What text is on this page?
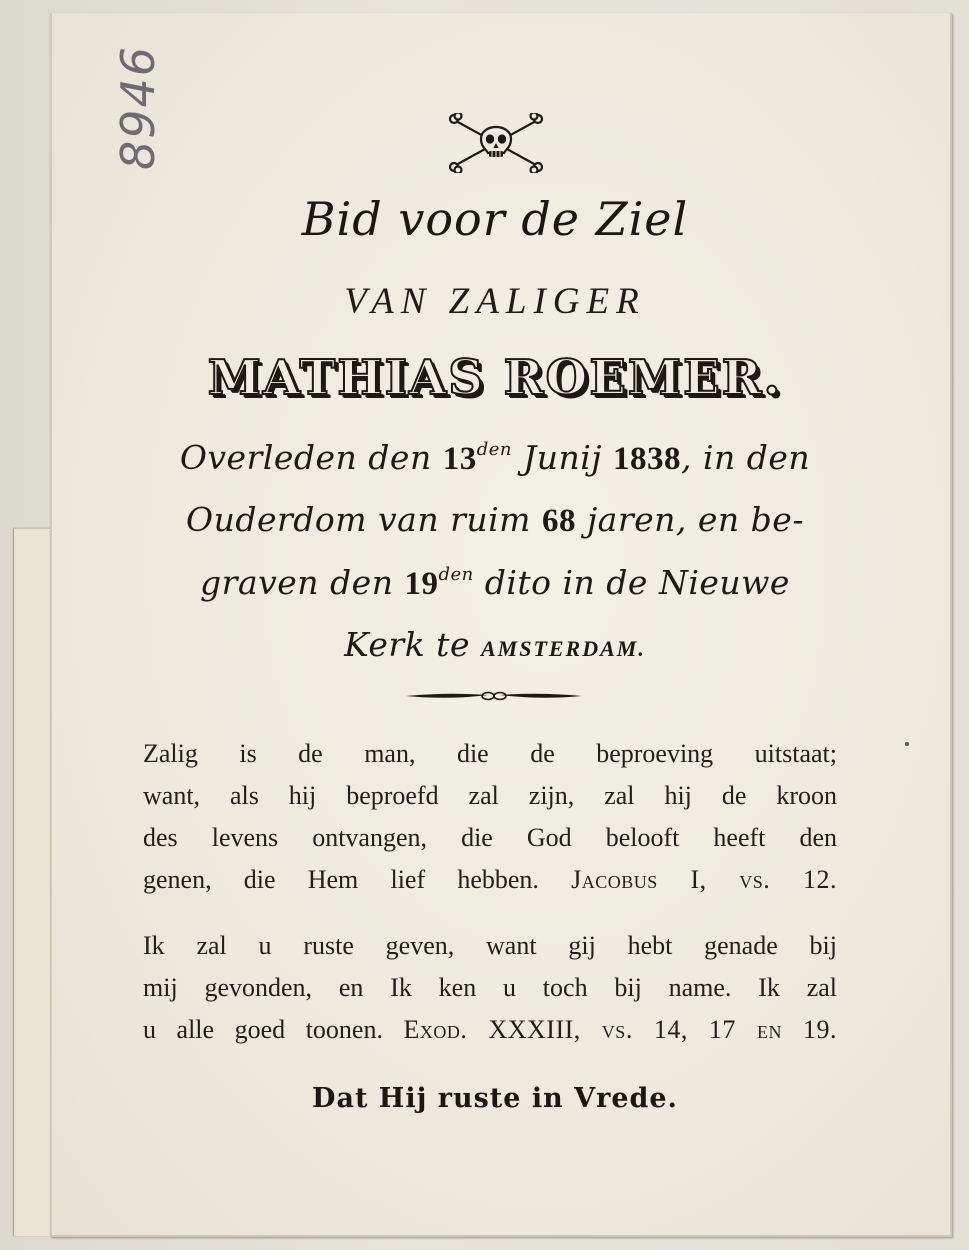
8946
Bid voor de Ziel
VAN ZALIGER
MATHIAS ROEMER.
Overleden den $13^{den}$ Junij 1838, in den
Ouderdom van ruim 68 jaren, en be-
graven den $19^{den}$ dito in de Nieuwe
Kerk te AMSTERDAM.
Zalig is de man, die de beproeving uitstaat;
want, als hij beproefd zal zijn, zal hij de kroon
des levens ontvangen, die God belooft heeft den
genen, die Hem lief hebben. Jacobus I, vs. 12.
Ik zal u ruste geven, want gij hebt genade bij
mij gevonden, en Ik ken u toch bij name. Ik zal
u alle goed toonen. Exod. XXXIII, vs. 14, 17 en 19.
Dat Hij ruste in Vrede.
